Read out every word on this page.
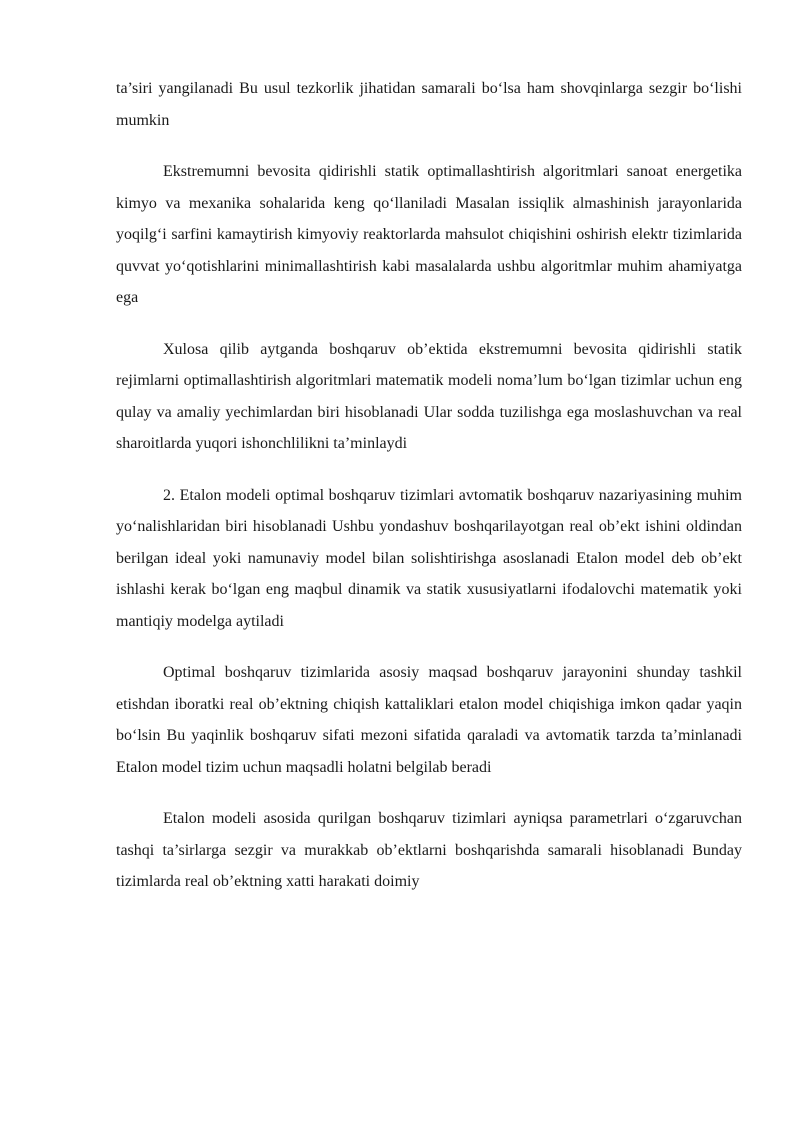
ta’siri yangilanadi Bu usul tezkorlik jihatidan samarali bo‘lsa ham shovqinlarga sezgir bo‘lishi mumkin

Ekstremumni bevosita qidirishli statik optimallashtirish algoritmlari sanoat energetika kimyo va mexanika sohalarida keng qo‘llaniladi Masalan issiqlik almashinish jarayonlarida yoqilg‘i sarfini kamaytirish kimyoviy reaktorlarda mahsulot chiqishini oshirish elektr tizimlarida quvvat yo‘qotishlarini minimallashtirish kabi masalalarda ushbu algoritmlar muhim ahamiyatga ega

Xulosa qilib aytganda boshqaruv ob’ektida ekstremumni bevosita qidirishli statik rejimlarni optimallashtirish algoritmlari matematik modeli noma’lum bo‘lgan tizimlar uchun eng qulay va amaliy yechimlardan biri hisoblanadi Ular sodda tuzilishga ega moslashuvchan va real sharoitlarda yuqori ishonchlilikni ta’minlaydi

2. Etalon modeli optimal boshqaruv tizimlari avtomatik boshqaruv nazariyasining muhim yo‘nalishlaridan biri hisoblanadi Ushbu yondashuv boshqarilayotgan real ob’ekt ishini oldindan berilgan ideal yoki namunaviy model bilan solishtirishga asoslanadi Etalon model deb ob’ekt ishlashi kerak bo‘lgan eng maqbul dinamik va statik xususiyatlarni ifodalovchi matematik yoki mantiqiy modelga aytiladi

Optimal boshqaruv tizimlarida asosiy maqsad boshqaruv jarayonini shunday tashkil etishdan iboratki real ob’ektning chiqish kattaliklari etalon model chiqishiga imkon qadar yaqin bo‘lsin Bu yaqinlik boshqaruv sifati mezoni sifatida qaraladi va avtomatik tarzda ta’minlanadi Etalon model tizim uchun maqsadli holatni belgilab beradi

Etalon modeli asosida qurilgan boshqaruv tizimlari ayniqsa parametrlari o‘zgaruvchan tashqi ta’sirlarga sezgir va murakkab ob’ektlarni boshqarishda samarali hisoblanadi Bunday tizimlarda real ob’ektning xatti harakati doimiy
